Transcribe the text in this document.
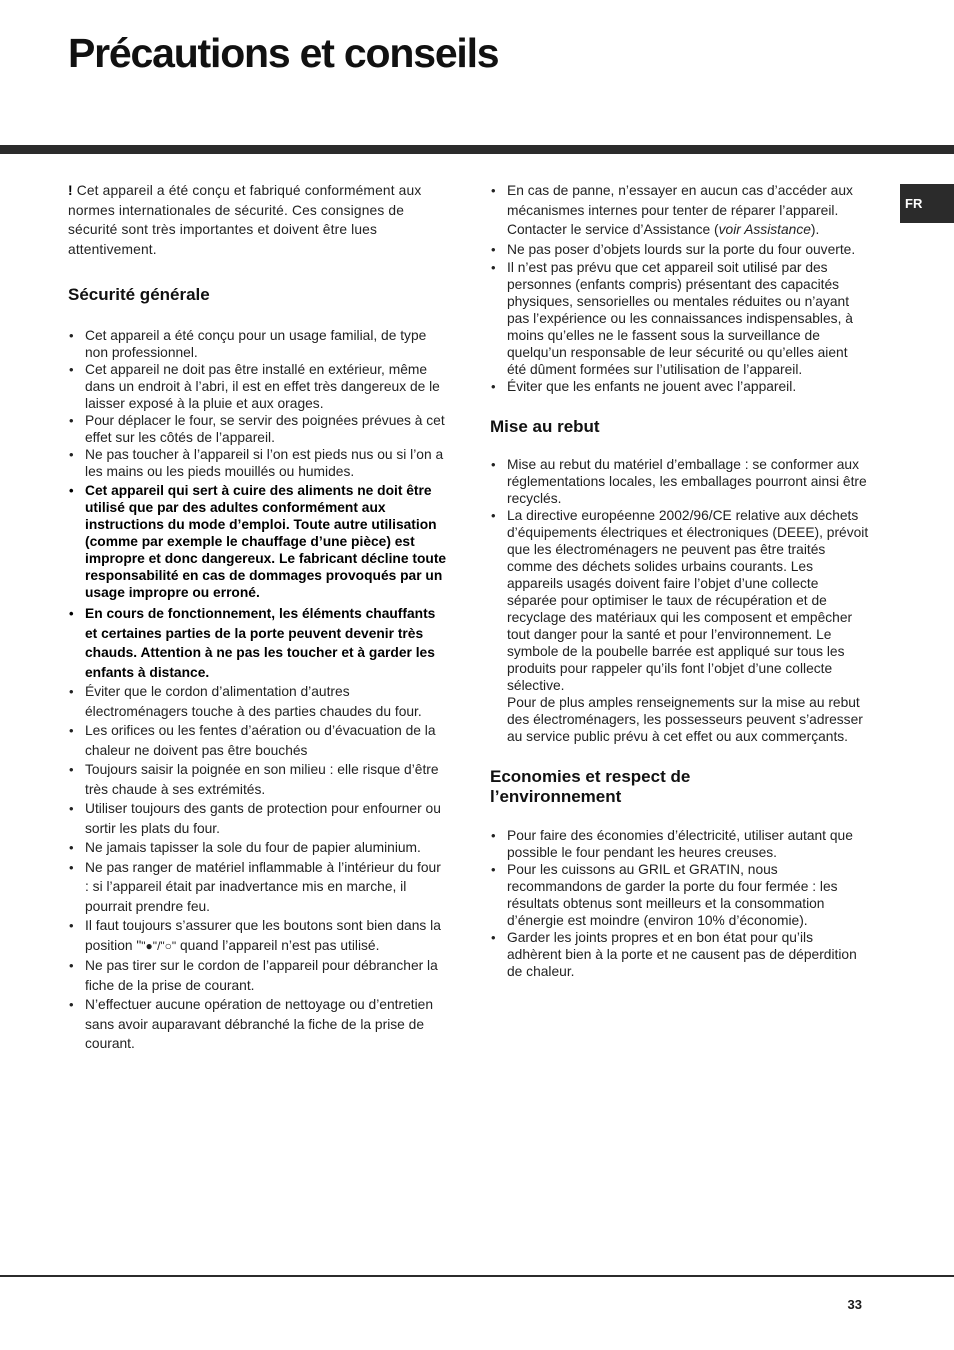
Précautions et conseils
FR

! Cet appareil a été conçu et fabriqué conformément aux normes internationales de sécurité. Ces consignes de sécurité sont très importantes et doivent être lues attentivement.

Sécurité générale
• Cet appareil a été conçu pour un usage familial, de type non professionnel.
• Cet appareil ne doit pas être installé en extérieur, même dans un endroit à l’abri, il est en effet très dangereux de le laisser exposé à la pluie et aux orages.
• Pour déplacer le four, se servir des poignées prévues à cet effet sur les côtés de l’appareil.
• Ne pas toucher à l’appareil si l’on est pieds nus ou si l’on a les mains ou les pieds mouillés ou humides.
• Cet appareil qui sert à cuire des aliments ne doit être utilisé que par des adultes conformément aux instructions du mode d’emploi. Toute autre utilisation (comme par exemple le chauffage d’une pièce) est impropre et donc dangereux. Le fabricant décline toute responsabilité en cas de dommages provoqués par un usage impropre ou erroné.
• En cours de fonctionnement, les éléments chauffants et certaines parties de la porte peuvent devenir très chauds. Attention à ne pas les toucher et à garder les enfants à distance.
• Éviter que le cordon d’alimentation d’autres électroménagers touche à des parties chaudes du four.
• Les orifices ou les fentes d’aération ou d’évacuation de la chaleur ne doivent pas être bouchés
• Toujours saisir la poignée en son milieu : elle risque d’être très chaude à ses extrémités.
• Utiliser toujours des gants de protection pour enfourner ou sortir les plats du four.
• Ne jamais tapisser la sole du four de papier aluminium.
• Ne pas ranger de matériel inflammable à l’intérieur du four : si l’appareil était par inadvertance mis en marche, il pourrait prendre feu.
• Il faut toujours s’assurer que les boutons sont bien dans la position ""●"/"○" quand l’appareil n’est pas utilisé.
• Ne pas tirer sur le cordon de l’appareil pour débrancher la fiche de la prise de courant.
• N’effectuer aucune opération de nettoyage ou d’entretien sans avoir auparavant débranché la fiche de la prise de courant.
• En cas de panne, n’essayer en aucun cas d’accéder aux mécanismes internes pour tenter de réparer l’appareil. Contacter le service d’Assistance (voir Assistance).
• Ne pas poser d’objets lourds sur la porte du four ouverte.
• Il n’est pas prévu que cet appareil soit utilisé par des personnes (enfants compris) présentant des capacités physiques, sensorielles ou mentales réduites ou n’ayant pas l’expérience ou les connaissances indispensables, à moins qu’elles ne le fassent sous la surveillance de quelqu’un responsable de leur sécurité ou qu’elles aient été dûment formées sur l’utilisation de l’appareil.
• Éviter que les enfants ne jouent avec l’appareil.
Mise au rebut
• Mise au rebut du matériel d’emballage : se conformer aux réglementations locales, les emballages pourront ainsi être recyclés.
• La directive européenne 2002/96/CE relative aux déchets d’équipements électriques et électroniques (DEEE), prévoit que les électroménagers ne peuvent pas être traités comme des déchets solides urbains courants. Les appareils usagés doivent faire l’objet d’une collecte séparée pour optimiser le taux de récupération et de recyclage des matériaux qui les composent et empêcher tout danger pour la santé et pour l’environnement. Le symbole de la poubelle barrée est appliqué sur tous les produits pour rappeler qu’ils font l’objet d’une collecte sélective.
Pour de plus amples renseignements sur la mise au rebut des électroménagers, les possesseurs peuvent s’adresser au service public prévu à cet effet ou aux commerçants.
Economies et respect de
l’environnement
• Pour faire des économies d’électricité, utiliser autant que possible le four pendant les heures creuses.
• Pour les cuissons au GRIL et GRATIN, nous recommandons de garder la porte du four fermée : les résultats obtenus sont meilleurs et la consommation d’énergie est moindre (environ 10% d’économie).
• Garder les joints propres et en bon état pour qu’ils adhèrent bien à la porte et ne causent pas de déperdition de chaleur.
33
